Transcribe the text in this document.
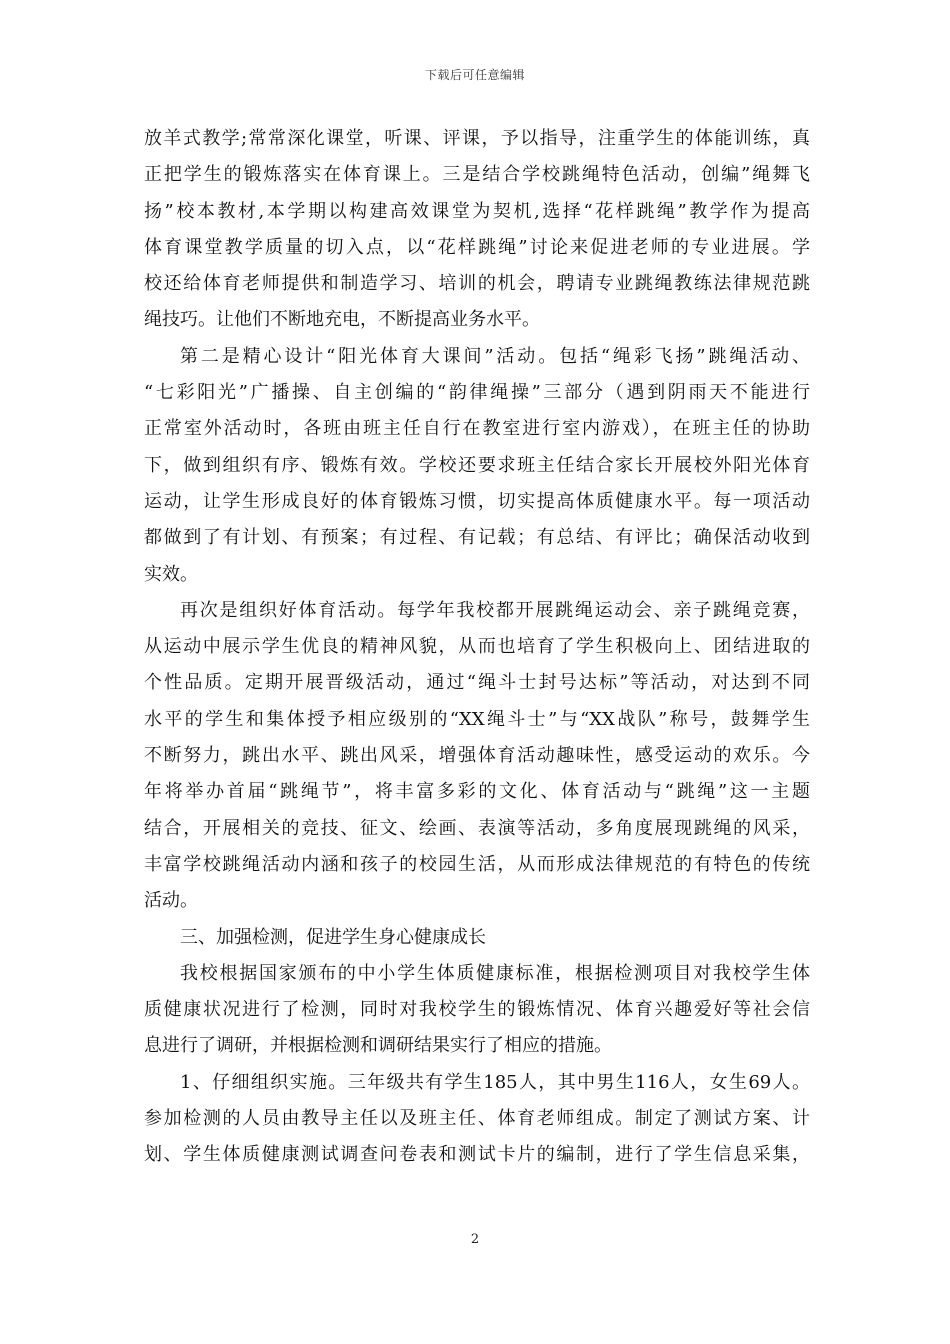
下载后可任意编辑
放羊式教学;常常深化课堂，听课、评课，予以指导，注重学生的体能训练，真
正把学生的锻炼落实在体育课上。三是结合学校跳绳特色活动，创编”绳舞飞
扬”校本教材,本学期以构建高效课堂为契机,选择“花样跳绳”教学作为提高
体育课堂教学质量的切入点，以“花样跳绳”讨论来促进老师的专业进展。学
校还给体育老师提供和制造学习、培训的机会，聘请专业跳绳教练法律规范跳
绳技巧。让他们不断地充电，不断提高业务水平。
第二是精心设计“阳光体育大课间”活动。包括“绳彩飞扬”跳绳活动、
“七彩阳光”广播操、自主创编的“韵律绳操”三部分（遇到阴雨天不能进行
正常室外活动时，各班由班主任自行在教室进行室内游戏），在班主任的协助
下，做到组织有序、锻炼有效。学校还要求班主任结合家长开展校外阳光体育
运动，让学生形成良好的体育锻炼习惯，切实提高体质健康水平。每一项活动
都做到了有计划、有预案；有过程、有记载；有总结、有评比；确保活动收到
实效。
再次是组织好体育活动。每学年我校都开展跳绳运动会、亲子跳绳竞赛，
从运动中展示学生优良的精神风貌，从而也培育了学生积极向上、团结进取的
个性品质。定期开展晋级活动，通过“绳斗士封号达标”等活动，对达到不同
水平的学生和集体授予相应级别的“XX绳斗士”与“XX战队”称号，鼓舞学生
不断努力，跳出水平、跳出风采，增强体育活动趣味性，感受运动的欢乐。今
年将举办首届“跳绳节”，将丰富多彩的文化、体育活动与“跳绳”这一主题
结合，开展相关的竞技、征文、绘画、表演等活动，多角度展现跳绳的风采，
丰富学校跳绳活动内涵和孩子的校园生活，从而形成法律规范的有特色的传统
活动。
三、加强检测，促进学生身心健康成长
我校根据国家颁布的中小学生体质健康标准，根据检测项目对我校学生体
质健康状况进行了检测，同时对我校学生的锻炼情况、体育兴趣爱好等社会信
息进行了调研，并根据检测和调研结果实行了相应的措施。
1、仔细组织实施。三年级共有学生185人，其中男生116人，女生69人。
参加检测的人员由教导主任以及班主任、体育老师组成。制定了测试方案、计
划、学生体质健康测试调查问卷表和测试卡片的编制，进行了学生信息采集，
2
